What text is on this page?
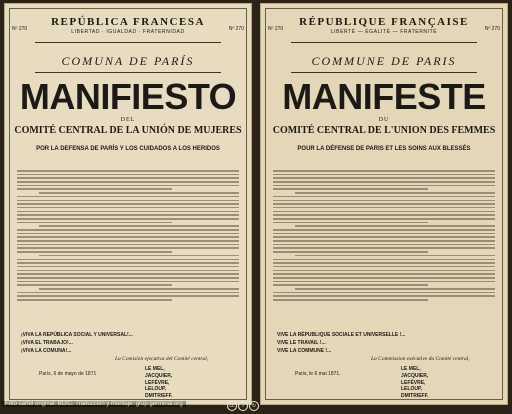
Nº 270	Nº 270
REPÚBLICA FRANCESA
LIBERTAD · IGUALDAD · FRATERNIDAD
COMUNA DE PARÍS
MANIFIESTO
DEL
COMITÉ CENTRAL DE LA UNIÓN DE MUJERES
POR LA DEFENSA DE PARÍS Y LOS CUIDADOS A LOS HERIDOS
¡VIVA LA REPÚBLICA SOCIAL Y UNIVERSAL!...
¡VIVA EL TRABAJO!...
¡VIVA LA COMUNA!...
La Comisión ejecutiva del Comité central,
París, 6 de mayo de 1871
LE MEL,
JACQUIER,
LEFÈVRE,
LELOUP,
DMITRIEFF.
Nº 270	Nº 270
RÉPUBLIQUE FRANÇAISE
LIBERTÉ — ÉGALITÉ — FRATERNITÉ
COMMUNE DE PARIS
MANIFESTE
DU
COMITÉ CENTRAL DE L'UNION DES FEMMES
POUR LA DÉFENSE DE PARIS ET LES SOINS AUX BLESSÉS
VIVE LA RÉPUBLIQUE SOCIALE ET UNIVERSELLE !...
VIVE LE TRAVAIL !...
VIVE LA COMMUNE !...
La Commission exécutive du Comité central,
Paris, le 6 mai 1871.
LE MEL,
JACQUIER,
LEFÈVRE,
LELOUP,
DMITRIEFF.
Foto cartel original: BDIC. Traducción y montaje: grup.germinal.org	cc	i	↻
